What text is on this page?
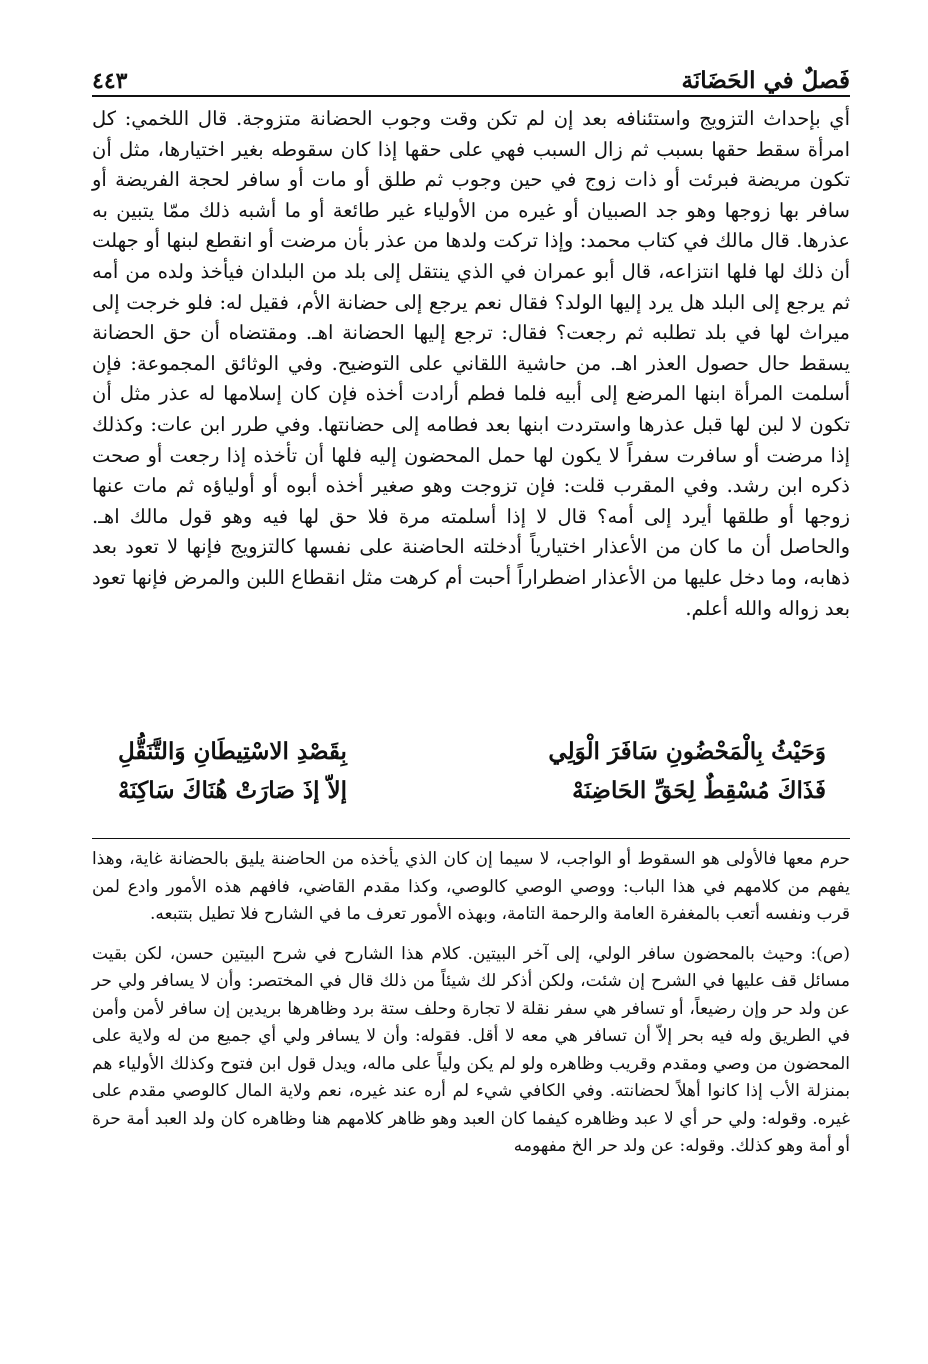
فَصلٌ في الحَضَانَة
٤٤٣

أي بإحداث التزويج واستئنافه بعد إن لم تكن وقت وجوب الحضانة متزوجة. قال اللخمي: كل امرأة سقط حقها بسبب ثم زال السبب فهي على حقها إذا كان سقوطه بغير اختيارها، مثل أن تكون مريضة فبرئت أو ذات زوج في حين وجوب ثم طلق أو مات أو سافر لحجة الفريضة أو سافر بها زوجها وهو جد الصبيان أو غيره من الأولياء غير طائعة أو ما أشبه ذلك ممّا يتبين به عذرها. قال مالك في كتاب محمد: وإذا تركت ولدها من عذر بأن مرضت أو انقطع لبنها أو جهلت أن ذلك لها فلها انتزاعه، قال أبو عمران في الذي ينتقل إلى بلد من البلدان فيأخذ ولده من أمه ثم يرجع إلى البلد هل يرد إليها الولد؟ فقال نعم يرجع إلى حضانة الأم، فقيل له: فلو خرجت إلى ميراث لها في بلد تطلبه ثم رجعت؟ فقال: ترجع إليها الحضانة اهـ. ومقتضاه أن حق الحضانة يسقط حال حصول العذر اهـ. من حاشية اللقاني على التوضيح. وفي الوثائق المجموعة: فإن أسلمت المرأة ابنها المرضع إلى أبيه فلما فطم أرادت أخذه فإن كان إسلامها له عذر مثل أن تكون لا لبن لها قبل عذرها واستردت ابنها بعد فطامه إلى حضانتها. وفي طرر ابن عات: وكذلك إذا مرضت أو سافرت سفراً لا يكون لها حمل المحضون إليه فلها أن تأخذه إذا رجعت أو صحت ذكره ابن رشد. وفي المقرب قلت: فإن تزوجت وهو صغير أخذه أبوه أو أولياؤه ثم مات عنها زوجها أو طلقها أيرد إلى أمه؟ قال لا إذا أسلمته مرة فلا حق لها فيه وهو قول مالك اهـ. والحاصل أن ما كان من الأعذار اختيارياً أدخلته الحاضنة على نفسها كالتزويج فإنها لا تعود بعد ذهابه، وما دخل عليها من الأعذار اضطراراً أحبت أم كرهت مثل انقطاع اللبن والمرض فإنها تعود بعد زواله والله أعلم.

وَحَيْثُ بِالْمَحْضُونِ سَافَرَ الْوَلِي
بِقَصْدِ الاسْتِيطَانِ وَالتَّنَقُّلِ
فَذَاكَ مُسْقِطٌ لِحَقِّ الحَاضِنَهْ
إلاّ إذَ صَارَتْ هُنَاكَ سَاكِنَهْ

حرم معها فالأولى هو السقوط أو الواجب، لا سيما إن كان الذي يأخذه من الحاضنة يليق بالحضانة غاية، وهذا يفهم من كلامهم في هذا الباب: ووصي الوصي كالوصي، وكذا مقدم القاضي، فافهم هذه الأمور وادع لمن قرب ونفسه أتعب بالمغفرة العامة والرحمة التامة، وبهذه الأمور تعرف ما في الشارح فلا تطيل بتتبعه.

(ص): وحيث بالمحضون سافر الولي، إلى آخر البيتين. كلام هذا الشارح في شرح البيتين حسن، لكن بقيت مسائل قف عليها في الشرح إن شئت، ولكن أذكر لك شيئاً من ذلك قال في المختصر: وأن لا يسافر ولي حر عن ولد حر وإن رضيعاً، أو تسافر هي سفر نقلة لا تجارة وحلف ستة برد وظاهرها بريدين إن سافر لأمن وأمن في الطريق وله فيه بحر إلاّ أن تسافر هي معه لا أقل. فقوله: وأن لا يسافر ولي أي جميع من له ولاية على المحضون من وصي ومقدم وقريب وظاهره ولو لم يكن ولياً على ماله، ويدل قول ابن فتوح وكذلك الأولياء هم بمنزلة الأب إذا كانوا أهلاً لحضانته. وفي الكافي شيء لم أره عند غيره، نعم ولاية المال كالوصي مقدم على غيره. وقوله: ولي حر أي لا عبد وظاهره كيفما كان العبد وهو ظاهر كلامهم هنا وظاهره كان ولد العبد أمة حرة أو أمة وهو كذلك. وقوله: عن ولد حر الخ مفهومه
